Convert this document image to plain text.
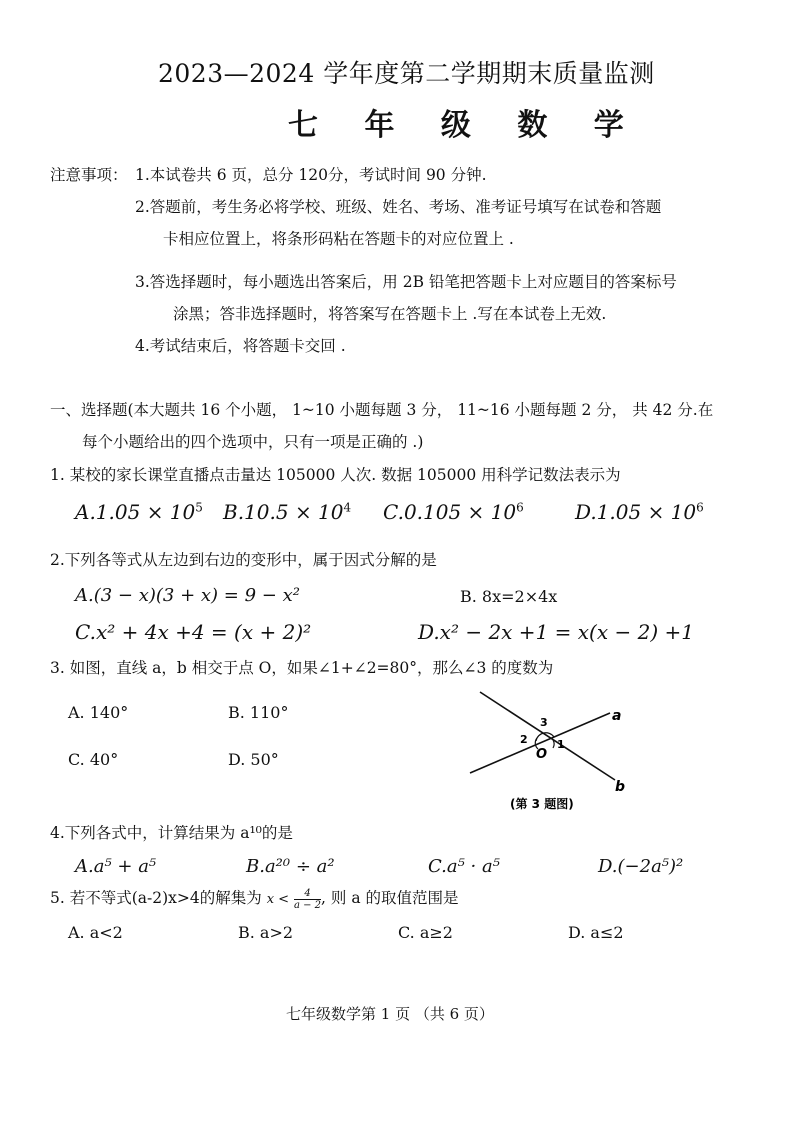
2023—2024 学年度第二学期期末质量监测
七 年 级 数 学
注意事项： 1.本试卷共 6 页，总分 120分，考试时间 90 分钟.
2.答题前，考生务必将学校、班级、姓名、考场、准考证号填写在试卷和答题
卡相应位置上，将条形码粘在答题卡的对应位置上 .
3.答选择题时，每小题选出答案后，用 2B 铅笔把答题卡上对应题目的答案标号
涂黑；答非选择题时，将答案写在答题卡上 .写在本试卷上无效.
4.考试结束后，将答题卡交回 .
一、选择题(本大题共 16 个小题， 1~10 小题每题 3 分， 11~16 小题每题 2 分， 共 42 分.在
每个小题给出的四个选项中，只有一项是正确的 .)
1. 某校的家长课堂直播点击量达 105000 人次. 数据 105000 用科学记数法表示为
$A.1.05 \times 10^5$ $B.10.5 \times 10^4$ $C.0.105 \times 10^6$	$D.1.05 \times 10^6$
2.下列各等式从左边到右边的变形中，属于因式分解的是
A.(3 − x)(3 + x) = 9 − x²	B. 8x=2×4x
C.x² + 4x +4 = (x + 2)²	D.x² − 2x +1 = x(x − 2) +1
3. 如图，直线 a，b 相交于点 O，如果∠1+∠2=80°，那么∠3 的度数为
A. 140°	B. 110°
C. 40°	D. 50°
a
b
O
1
2
3
(第 3 题图)
4.下列各式中，计算结果为 a¹⁰的是
A.a⁵ + a⁵	B.a²⁰ ÷ a²	C.a⁵ · a⁵	D.(−2a⁵)²
5. 若不等式(a-2)x>4的解集为 $x < \frac{4}{a - 2}$ , 则 a 的取值范围是
A. a<2	B. a>2	C. a≥2	D. a≤2
七年级数学第 1 页 （共 6 页）
